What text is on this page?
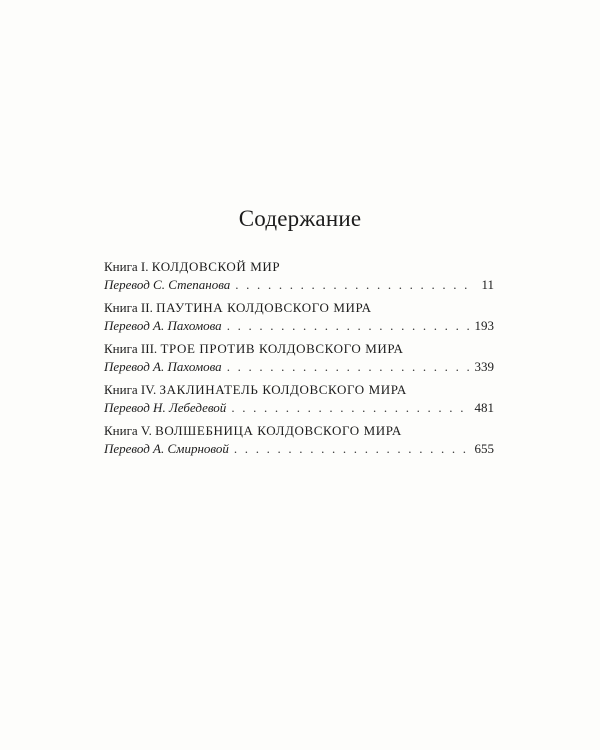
Содержание
Книга I. КОЛДОВСКОЙ МИР
Перевод С. Степанова . . .	11
Книга II. ПАУТИНА КОЛДОВСКОГО МИРА
Перевод А. Пахомова . . .	193
Книга III. ТРОЕ ПРОТИВ КОЛДОВСКОГО МИРА
Перевод А. Пахомова . . .	339
Книга IV. ЗАКЛИНАТЕЛЬ КОЛДОВСКОГО МИРА
Перевод Н. Лебедевой . . .	481
Книга V. ВОЛШЕБНИЦА КОЛДОВСКОГО МИРА
Перевод А. Смирновой . . .	655
